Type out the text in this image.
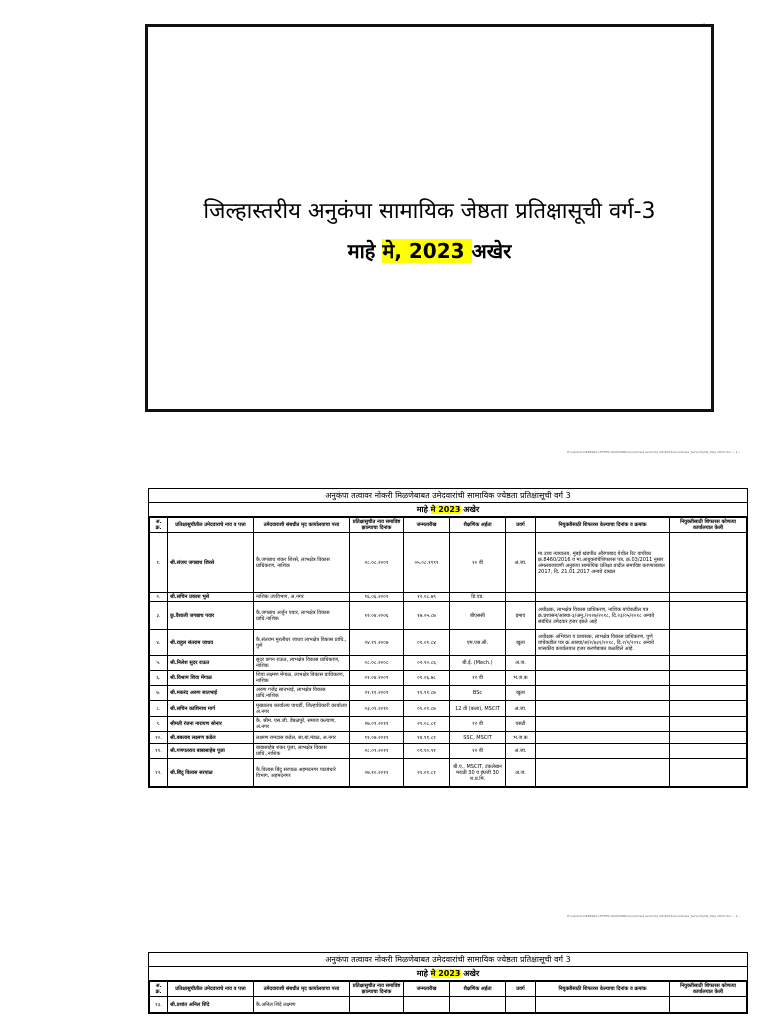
.
जिल्हास्तरीय अनुकंपा सामायिक जेष्ठता प्रतिक्षासूची वर्ग-3
माहे मे, 2023 अखेर
E:\satchar\GENERAL LETTER ANUKAMPA\Anukampa seniority list\2023\Anukampa_Senioritylist_May 2023.doc ~ 1~
अनुकंपा तत्वावर नोकरी मिळणेबाबत उमेदवारांची सामायिक ज्येष्ठता प्रतिक्षासूची वर्ग 3
माहे मे 2023 अखेर
अ. क्र.	प्रतिक्षासुचीतील उमेदवाराचे नाव व पत्ता	उमेदवाराशी संबधीत मृद कार्यालयाचा पत्ता	प्रतिक्षासुचीत नाव समाविष्ट झाल्याचा दिनांक	जन्मतारीख	शैक्षणिक अर्हता	प्रवर्ग	नियुक्तीसाठी शिफारस केल्याचा दिनांक व क्रमांक	नियुक्तीसाठी शिफारस कोणत्या कार्यालयात केली
१.	श्री.संजय जगन्नाथ शिरसे	कै.जगन्नाथ शंकर शिरसे, लाभक्षेत्र विकास प्राधिकरण, नाशिक	२८.०८.२००१	०५.०८.१९९९	१० वी	अ.जा.	मा.उच्च न्यायालय, मुंबई खंडपीठ औरंगाबाद येथील रिट याचीका क्र.8460/2016 व मा.आयुक्तांचेशिफारस पत्र, क्र.03/2011 नुसार अंमलबजावणी अनुकंपा सामायिक प्रतिक्षा यादीत समाविष्ट करण्याबाबत 2017, दि. 21.01.2017 अन्वये दाखल	
२.	श्री.सचिन प्रकाश भुसे	नाशिक उपविभाग, अ.नगर	१६.०६.२००१	१२.०८.७९	डि.एड.			
३.	कु.वैशाली जगन्नाथ पवार	कै.जगन्नाथ अर्जुन पवार, लाभक्षेत्र विकास प्राधि.नाशिक	१२.०४.२००६	१७.०५.८७	बीएससी	इमाव	अधीक्षक, लाभक्षेत्र विकास प्राधिकरण, नाशिक यांचेकडील पत्र क्र.प्रशासन/आस्था-३/अनु./२१२७/२०१८, दि.२३/०५/२०१८ अन्वये संबंधित उमेदवार हजर झाले आहे	
४.	श्री.राहुल संतराम जाधव	कै.संतराम मुरलीधर जाधव लाभक्षेत्र विकास प्राधि., पुणे	२४.११.२००७	०१.०१.८४	एम.एस.सी.	खुला	अधीक्षक अभियंता व प्रशासक, लाभक्षेत्र विकास प्राधिकरण, पुणे यांचेकडील पत्र क्र.आस्था/अ/२/७३१/२०१८, दि.२/१/२०१८ अन्वये शासकीय कार्यालयात हजर करणेबाबत कळविले आहे.	
५.	श्री.निलेश सुदर राऊत	सुदर छगन राऊत, लाभक्षेत्र विकास प्राधिकरण, नाशिक	०८.०८.२००८	०२.१०.८६	बी.ई. (Mech.)	अ.ज.		
६.	श्री.विश्राम शिवा मेंगाळ	शिवा लक्ष्मण मेंगाळ, लाभक्षेत्र विकास प्राधिकरण, नाशिक	०१.०४.२००९	०१.०६.७८	१२ वी	भ.ज.क		
७.	श्री.मकरंद अरुण सातभाई	अरुण गजेंद्र सातभाई, लाभक्षेत्र विकास प्राधि.नाशिक	२१.११.२००९	११.११.८७	BSc	खुला		
८.	श्री.सचिन काशिनाथ मार्ग	मुख्यालय कार्यालय पाथर्डी, जिल्हाधिकारी कार्यालय अ.नगर	०३.०१.२०१०	०१.०१.८७	12 वी (कला), MSCIT	अ.जा.		
९.	श्रीमती रंजना नारायण सोनार	कै. श्रीम. एस.जी. डेंबळपुरे, समाज कल्याण, अ.नगर	२७.०९.२०११	२१.०८.८१	१२ वी	एसटी		
१०.	श्री.बबलाब लक्ष्मण कडेल	लक्ष्मण रामदास कडेल, सा.बां.मंडळ, अ.नगर	११.०७.२०११	१४.११.८१	SSC, MSCIT	भ.ज.क		
११.	श्री.गणपतराव बाबासाहेब पूजा	बाबासाहेब शंकर पूजा, लाभक्षेत्र विकास प्राधि.,नाशिक	२८.०९.२०११	०१.१०.९१	१२ वी	अ.जा.		
१२.	श्री.बिंदु विलास सरपाळ	कै.विलास बिंदु सरपाळ अहमदनगर पाटबंधारे विभाग, अहमदनगर	०७.१०.२०११	२१.०१.८१	बी.ए., MSCIT, टंकलेखन मराठी 30 व इंग्रजी 30 श.प्र.मि.	अ.ज.		
E:\satchar\GENERAL LETTER ANUKAMPA\Anukampa seniority list\2023\Anukampa_Senioritylist_May 2023.doc ~ 2~
अनुकंपा तत्वावर नोकरी मिळणेबाबत उमेदवारांची सामायिक ज्येष्ठता प्रतिक्षासूची वर्ग 3
माहे मे 2023 अखेर
अ. क्र.	प्रतिक्षासुचीतील उमेदवाराचे नाव व पत्ता	उमेदवाराशी संबधीत मृद कार्यालयाचा पत्ता	प्रतिक्षासुचीत नाव समाविष्ट झाल्याचा दिनांक	जन्मतारीख	शैक्षणिक अर्हता	प्रवर्ग	नियुक्तीसाठी शिफारस केल्याचा दिनांक व क्रमांक	नियुक्तीसाठी शिफारस कोणत्या कार्यालयात केली
१३.	श्री.प्रशांत अनिल शिंदे	कै.अनिल शिंदे लक्ष्मण						
